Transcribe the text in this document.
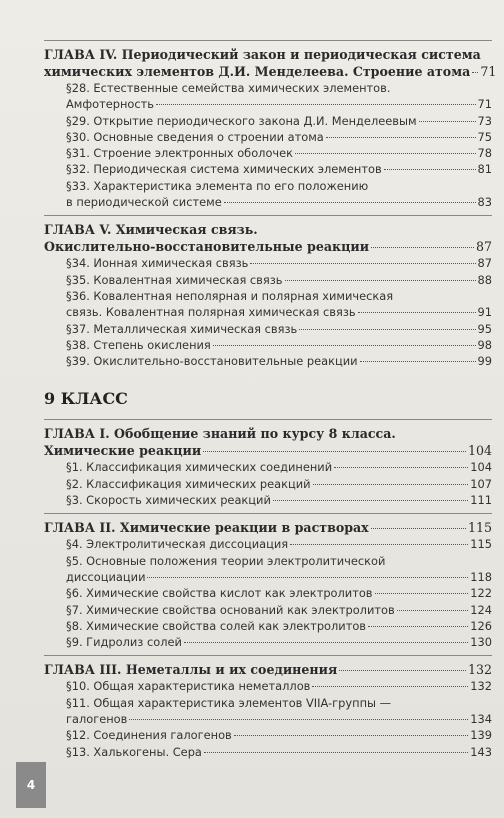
ГЛАВА IV. Периодический закон и периодическая система
химических элементов Д.И. Менделеева. Строение атома 71
§28. Естественные семейства химических элементов.
Амфотерность	71
§29. Открытие периодического закона Д.И. Менделеевым	73
§30. Основные сведения о строении атома	75
§31. Строение электронных оболочек	78
§32. Периодическая система химических элементов	81
§33. Характеристика элемента по его положению
в периодической системе	83
ГЛАВА V. Химическая связь.
Окислительно-восстановительные реакции	87
§34. Ионная химическая связь	87
§35. Ковалентная химическая связь	88
§36. Ковалентная неполярная и полярная химическая
связь. Ковалентная полярная химическая связь	91
§37. Металлическая химическая связь	95
§38. Степень окисления	98
§39. Окислительно-восстановительные реакции	99
9 КЛАСС
ГЛАВА I. Обобщение знаний по курсу 8 класса.
Химические реакции	104
§1. Классификация химических соединений	104
§2. Классификация химических реакций	107
§3. Скорость химических реакций	111
ГЛАВА II. Химические реакции в растворах	115
§4. Электролитическая диссоциация	115
§5. Основные положения теории электролитической
диссоциации	118
§6. Химические свойства кислот как электролитов	122
§7. Химические свойства оснований как электролитов	124
§8. Химические свойства солей как электролитов	126
§9. Гидролиз солей	130
ГЛАВА III. Неметаллы и их соединения	132
§10. Общая характеристика неметаллов	132
§11. Общая характеристика элементов VIIA-группы —
галогенов	134
§12. Соединения галогенов	139
§13. Халькогены. Сера	143
4
